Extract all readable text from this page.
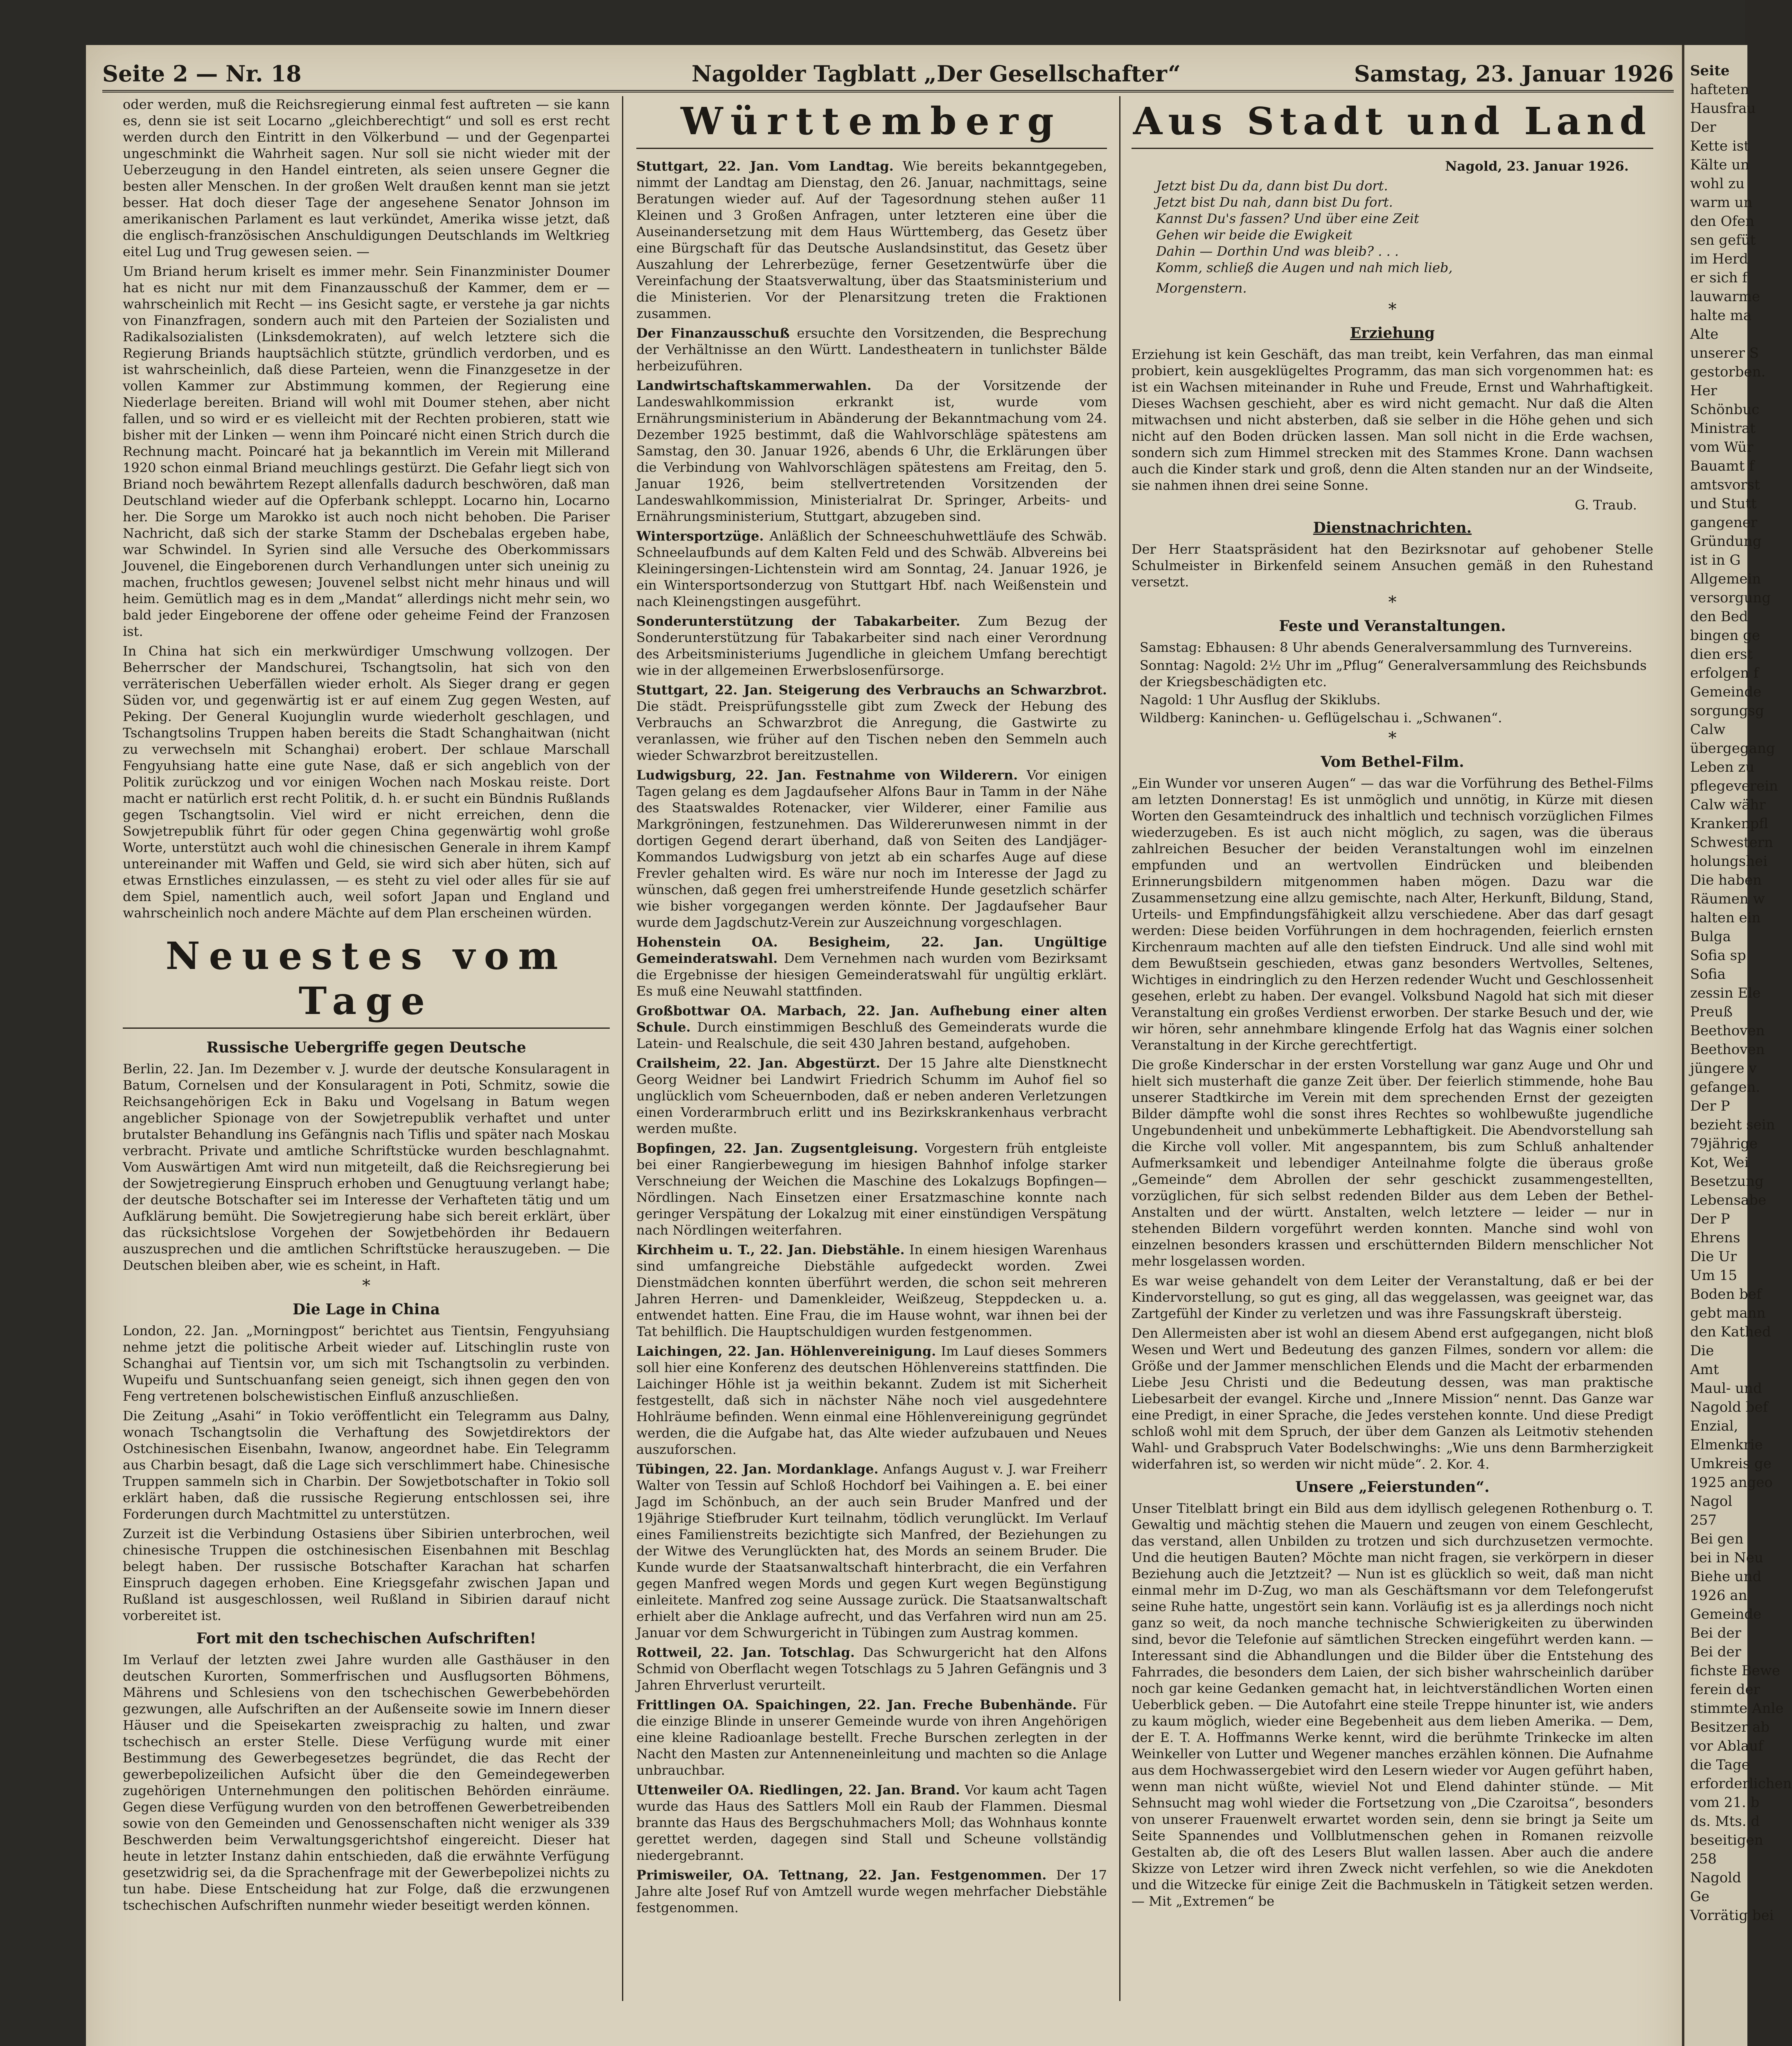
Seite
hafteten
Hausfrau
Der
Kette ist
Kälte un
wohl zu
warm un
den Ofen
sen gefüt
im Herd
er sich f
lauwarme
halte ma
Alte
unserer S
gestorben.
Her
Schönbuc
Ministrat
vom Wür
Bauamt f
amtsvorst
und Stutt
gangener
Gründung
ist in G
Allgemein
versorgung
den Bed
bingen ge
dien erst
erfolgen f
Gemeinde
sorgungsg
Calw
übergegang
Leben zu
pflegeverein
Calw währ
Krankenpfl
Schwestern
holungshei
Die haben
Räumen w
halten ein
Bulga
Sofia sp
Sofia
zessin Ele
Preuß
Beethoven
Beethoven
jüngere v
gefangen.
Der P
bezieht sein
79jährige
Kot, Wei
Besetzung
Lebensabe
Der P
Ehrens
Die Ur
Um 15
Boden bef
gebt mann
den Kathed
Die
Amt
Maul- und
Nagold bef
Enzial,
Elmenkrie
Umkreis ge
1925 angeo
Nagol
257
Bei gen
bei in Neu
Biehe und
1926 an
Gemeinde
Bei der
Bei der
fichste Bewe
ferein der
stimmte Anle
Besitzer ab
vor Ablauf
die Tage
erforderlichen
vom 21. b
ds. Mts. d
beseitigen
258
Nagold
Ge
Vorrätig bei
Seite 2 — Nr. 18	Nagolder Tagblatt „Der Gesellschafter“	Samstag, 23. Januar 1926
oder werden, muß die Reichsregierung einmal fest auftreten — sie kann es, denn sie ist seit Locarno „gleichberechtigt“ und soll es erst recht werden durch den Eintritt in den Völkerbund — und der Gegenpartei ungeschminkt die Wahrheit sagen. Nur soll sie nicht wieder mit der Ueberzeugung in den Handel eintreten, als seien unsere Gegner die besten aller Menschen. In der großen Welt draußen kennt man sie jetzt besser. Hat doch dieser Tage der angesehene Senator Johnson im amerikanischen Parlament es laut verkündet, Amerika wisse jetzt, daß die englisch-französischen Anschuldigungen Deutschlands im Weltkrieg eitel Lug und Trug gewesen seien. —
Um Briand herum kriselt es immer mehr. Sein Finanzminister Doumer hat es nicht nur mit dem Finanzausschuß der Kammer, dem er — wahrscheinlich mit Recht — ins Gesicht sagte, er verstehe ja gar nichts von Finanzfragen, sondern auch mit den Parteien der Sozialisten und Radikalsozialisten (Linksdemokraten), auf welch letztere sich die Regierung Briands hauptsächlich stützte, gründlich verdorben, und es ist wahrscheinlich, daß diese Parteien, wenn die Finanzgesetze in der vollen Kammer zur Abstimmung kommen, der Regierung eine Niederlage bereiten. Briand will wohl mit Doumer stehen, aber nicht fallen, und so wird er es vielleicht mit der Rechten probieren, statt wie bisher mit der Linken — wenn ihm Poincaré nicht einen Strich durch die Rechnung macht. Poincaré hat ja bekanntlich im Verein mit Millerand 1920 schon einmal Briand meuchlings gestürzt. Die Gefahr liegt sich von Briand noch bewährtem Rezept allenfalls dadurch beschwören, daß man Deutschland wieder auf die Opferbank schleppt. Locarno hin, Locarno her. Die Sorge um Marokko ist auch noch nicht behoben. Die Pariser Nachricht, daß sich der starke Stamm der Dschebalas ergeben habe, war Schwindel. In Syrien sind alle Versuche des Oberkommissars Jouvenel, die Eingeborenen durch Verhandlungen unter sich uneinig zu machen, fruchtlos gewesen; Jouvenel selbst nicht mehr hinaus und will heim. Gemütlich mag es in dem „Mandat“ allerdings nicht mehr sein, wo bald jeder Eingeborene der offene oder geheime Feind der Franzosen ist.
In China hat sich ein merkwürdiger Umschwung vollzogen. Der Beherrscher der Mandschurei, Tschangtsolin, hat sich von den verräterischen Ueberfällen wieder erholt. Als Sieger drang er gegen Süden vor, und gegenwärtig ist er auf einem Zug gegen Westen, auf Peking. Der General Kuojunglin wurde wiederholt geschlagen, und Tschangtsolins Truppen haben bereits die Stadt Schanghaitwan (nicht zu verwechseln mit Schanghai) erobert. Der schlaue Marschall Fengyuhsiang hatte eine gute Nase, daß er sich angeblich von der Politik zurückzog und vor einigen Wochen nach Moskau reiste. Dort macht er natürlich erst recht Politik, d. h. er sucht ein Bündnis Rußlands gegen Tschangtsolin. Viel wird er nicht erreichen, denn die Sowjetrepublik führt für oder gegen China gegenwärtig wohl große Worte, unterstützt auch wohl die chinesischen Generale in ihrem Kampf untereinander mit Waffen und Geld, sie wird sich aber hüten, sich auf etwas Ernstliches einzulassen, — es steht zu viel oder alles für sie auf dem Spiel, namentlich auch, weil sofort Japan und England und wahrscheinlich noch andere Mächte auf dem Plan erscheinen würden.
Neuestes vom Tage
Russische Uebergriffe gegen Deutsche
Berlin, 22. Jan. Im Dezember v. J. wurde der deutsche Konsularagent in Batum, Cornelsen und der Konsularagent in Poti, Schmitz, sowie die Reichsangehörigen Eck in Baku und Vogelsang in Batum wegen angeblicher Spionage von der Sowjetrepublik verhaftet und unter brutalster Behandlung ins Gefängnis nach Tiflis und später nach Moskau verbracht. Private und amtliche Schriftstücke wurden beschlagnahmt. Vom Auswärtigen Amt wird nun mitgeteilt, daß die Reichsregierung bei der Sowjetregierung Einspruch erhoben und Genugtuung verlangt habe; der deutsche Botschafter sei im Interesse der Verhafteten tätig und um Aufklärung bemüht. Die Sowjetregierung habe sich bereit erklärt, über das rücksichtslose Vorgehen der Sowjetbehörden ihr Bedauern auszusprechen und die amtlichen Schriftstücke herauszugeben. — Die Deutschen bleiben aber, wie es scheint, in Haft.
*
Die Lage in China
London, 22. Jan. „Morningpost“ berichtet aus Tientsin, Fengyuhsiang nehme jetzt die politische Arbeit wieder auf. Litschinglin ruste von Schanghai auf Tientsin vor, um sich mit Tschangtsolin zu verbinden. Wupeifu und Suntschuanfang seien geneigt, sich ihnen gegen den von Feng vertretenen bolschewistischen Einfluß anzuschließen.
Die Zeitung „Asahi“ in Tokio veröffentlicht ein Telegramm aus Dalny, wonach Tschangtsolin die Verhaftung des Sowjetdirektors der Ostchinesischen Eisenbahn, Iwanow, angeordnet habe. Ein Telegramm aus Charbin besagt, daß die Lage sich verschlimmert habe. Chinesische Truppen sammeln sich in Charbin. Der Sowjetbotschafter in Tokio soll erklärt haben, daß die russische Regierung entschlossen sei, ihre Forderungen durch Machtmittel zu unterstützen.
Zurzeit ist die Verbindung Ostasiens über Sibirien unterbrochen, weil chinesische Truppen die ostchinesischen Eisenbahnen mit Beschlag belegt haben. Der russische Botschafter Karachan hat scharfen Einspruch dagegen erhoben. Eine Kriegsgefahr zwischen Japan und Rußland ist ausgeschlossen, weil Rußland in Sibirien darauf nicht vorbereitet ist.
Fort mit den tschechischen Aufschriften!
Im Verlauf der letzten zwei Jahre wurden alle Gasthäuser in den deutschen Kurorten, Sommerfrischen und Ausflugsorten Böhmens, Mährens und Schlesiens von den tschechischen Gewerbebehörden gezwungen, alle Aufschriften an der Außenseite sowie im Innern dieser Häuser und die Speisekarten zweisprachig zu halten, und zwar tschechisch an erster Stelle. Diese Verfügung wurde mit einer Bestimmung des Gewerbegesetzes begründet, die das Recht der gewerbepolizeilichen Aufsicht über die den Gemeindegewerben zugehörigen Unternehmungen den politischen Behörden einräume. Gegen diese Verfügung wurden von den betroffenen Gewerbetreibenden sowie von den Gemeinden und Genossenschaften nicht weniger als 339 Beschwerden beim Verwaltungsgerichtshof eingereicht. Dieser hat heute in letzter Instanz dahin entschieden, daß die erwähnte Verfügung gesetzwidrig sei, da die Sprachenfrage mit der Gewerbepolizei nichts zu tun habe. Diese Entscheidung hat zur Folge, daß die erzwungenen tschechischen Aufschriften nunmehr wieder beseitigt werden können.
Württemberg
Stuttgart, 22. Jan. Vom Landtag. Wie bereits bekanntgegeben, nimmt der Landtag am Dienstag, den 26. Januar, nachmittags, seine Beratungen wieder auf. Auf der Tagesordnung stehen außer 11 Kleinen und 3 Großen Anfragen, unter letzteren eine über die Auseinandersetzung mit dem Haus Württemberg, das Gesetz über eine Bürgschaft für das Deutsche Auslandsinstitut, das Gesetz über Auszahlung der Lehrerbezüge, ferner Gesetzentwürfe über die Vereinfachung der Staatsverwaltung, über das Staatsministerium und die Ministerien. Vor der Plenarsitzung treten die Fraktionen zusammen.
Der Finanzausschuß ersuchte den Vorsitzenden, die Besprechung der Verhältnisse an den Württ. Landestheatern in tunlichster Bälde herbeizuführen.
Landwirtschaftskammerwahlen. Da der Vorsitzende der Landeswahlkommission erkrankt ist, wurde vom Ernährungsministerium in Abänderung der Bekanntmachung vom 24. Dezember 1925 bestimmt, daß die Wahlvorschläge spätestens am Samstag, den 30. Januar 1926, abends 6 Uhr, die Erklärungen über die Verbindung von Wahlvorschlägen spätestens am Freitag, den 5. Januar 1926, beim stellvertretenden Vorsitzenden der Landeswahlkommission, Ministerialrat Dr. Springer, Arbeits- und Ernährungsministerium, Stuttgart, abzugeben sind.
Wintersportzüge. Anläßlich der Schneeschuhwettläufe des Schwäb. Schneelaufbunds auf dem Kalten Feld und des Schwäb. Albvereins bei Kleiningersingen-Lichtenstein wird am Sonntag, 24. Januar 1926, je ein Wintersportsonderzug von Stuttgart Hbf. nach Weißenstein und nach Kleinengstingen ausgeführt.
Sonderunterstützung der Tabakarbeiter. Zum Bezug der Sonderunterstützung für Tabakarbeiter sind nach einer Verordnung des Arbeitsministeriums Jugendliche in gleichem Umfang berechtigt wie in der allgemeinen Erwerbslosenfürsorge.
Stuttgart, 22. Jan. Steigerung des Verbrauchs an Schwarzbrot. Die städt. Preisprüfungsstelle gibt zum Zweck der Hebung des Verbrauchs an Schwarzbrot die Anregung, die Gastwirte zu veranlassen, wie früher auf den Tischen neben den Semmeln auch wieder Schwarzbrot bereitzustellen.
Ludwigsburg, 22. Jan. Festnahme von Wilderern. Vor einigen Tagen gelang es dem Jagdaufseher Alfons Baur in Tamm in der Nähe des Staatswaldes Rotenacker, vier Wilderer, einer Familie aus Markgröningen, festzunehmen. Das Wildererunwesen nimmt in der dortigen Gegend derart überhand, daß von Seiten des Landjäger-Kommandos Ludwigsburg von jetzt ab ein scharfes Auge auf diese Frevler gehalten wird. Es wäre nur noch im Interesse der Jagd zu wünschen, daß gegen frei umherstreifende Hunde gesetzlich schärfer wie bisher vorgegangen werden könnte. Der Jagdaufseher Baur wurde dem Jagdschutz-Verein zur Auszeichnung vorgeschlagen.
Hohenstein OA. Besigheim, 22. Jan. Ungültige Gemeinderatswahl. Dem Vernehmen nach wurden vom Bezirksamt die Ergebnisse der hiesigen Gemeinderatswahl für ungültig erklärt. Es muß eine Neuwahl stattfinden.
Großbottwar OA. Marbach, 22. Jan. Aufhebung einer alten Schule. Durch einstimmigen Beschluß des Gemeinderats wurde die Latein- und Realschule, die seit 430 Jahren bestand, aufgehoben.
Crailsheim, 22. Jan. Abgestürzt. Der 15 Jahre alte Dienstknecht Georg Weidner bei Landwirt Friedrich Schumm im Auhof fiel so unglücklich vom Scheuernboden, daß er neben anderen Verletzungen einen Vorderarmbruch erlitt und ins Bezirkskrankenhaus verbracht werden mußte.
Bopfingen, 22. Jan. Zugsentgleisung. Vorgestern früh entgleiste bei einer Rangierbewegung im hiesigen Bahnhof infolge starker Verschneiung der Weichen die Maschine des Lokalzugs Bopfingen—Nördlingen. Nach Einsetzen einer Ersatzmaschine konnte nach geringer Verspätung der Lokalzug mit einer einstündigen Verspätung nach Nördlingen weiterfahren.
Kirchheim u. T., 22. Jan. Diebstähle. In einem hiesigen Warenhaus sind umfangreiche Diebstähle aufgedeckt worden. Zwei Dienstmädchen konnten überführt werden, die schon seit mehreren Jahren Herren- und Damenkleider, Weißzeug, Steppdecken u. a. entwendet hatten. Eine Frau, die im Hause wohnt, war ihnen bei der Tat behilflich. Die Hauptschuldigen wurden festgenommen.
Laichingen, 22. Jan. Höhlenvereinigung. Im Lauf dieses Sommers soll hier eine Konferenz des deutschen Höhlenvereins stattfinden. Die Laichinger Höhle ist ja weithin bekannt. Zudem ist mit Sicherheit festgestellt, daß sich in nächster Nähe noch viel ausgedehntere Hohlräume befinden. Wenn einmal eine Höhlenvereinigung gegründet werden, die die Aufgabe hat, das Alte wieder aufzubauen und Neues auszuforschen.
Tübingen, 22. Jan. Mordanklage. Anfangs August v. J. war Freiherr Walter von Tessin auf Schloß Hochdorf bei Vaihingen a. E. bei einer Jagd im Schönbuch, an der auch sein Bruder Manfred und der 19jährige Stiefbruder Kurt teilnahm, tödlich verunglückt. Im Verlauf eines Familienstreits bezichtigte sich Manfred, der Beziehungen zu der Witwe des Verunglückten hat, des Mords an seinem Bruder. Die Kunde wurde der Staatsanwaltschaft hinterbracht, die ein Verfahren gegen Manfred wegen Mords und gegen Kurt wegen Begünstigung einleitete. Manfred zog seine Aussage zurück. Die Staatsanwaltschaft erhielt aber die Anklage aufrecht, und das Verfahren wird nun am 25. Januar vor dem Schwurgericht in Tübingen zum Austrag kommen.
Rottweil, 22. Jan. Totschlag. Das Schwurgericht hat den Alfons Schmid von Oberflacht wegen Totschlags zu 5 Jahren Gefängnis und 3 Jahren Ehrverlust verurteilt.
Frittlingen OA. Spaichingen, 22. Jan. Freche Bubenhände. Für die einzige Blinde in unserer Gemeinde wurde von ihren Angehörigen eine kleine Radioanlage bestellt. Freche Burschen zerlegten in der Nacht den Masten zur Antenneneinleitung und machten so die Anlage unbrauchbar.
Uttenweiler OA. Riedlingen, 22. Jan. Brand. Vor kaum acht Tagen wurde das Haus des Sattlers Moll ein Raub der Flammen. Diesmal brannte das Haus des Bergschuhmachers Moll; das Wohnhaus konnte gerettet werden, dagegen sind Stall und Scheune vollständig niedergebrannt.
Primisweiler, OA. Tettnang, 22. Jan. Festgenommen. Der 17 Jahre alte Josef Ruf von Amtzell wurde wegen mehrfacher Diebstähle festgenommen.
Aus Stadt und Land
Nagold, 23. Januar 1926.
Jetzt bist Du da, dann bist Du dort.
Jetzt bist Du nah, dann bist Du fort.
Kannst Du's fassen? Und über eine Zeit
Gehen wir beide die Ewigkeit
Dahin — Dorthin Und was bleib? . . .
Komm, schließ die Augen und nah mich lieb,
Morgenstern.
*
Erziehung
Erziehung ist kein Geschäft, das man treibt, kein Verfahren, das man einmal probiert, kein ausgeklügeltes Programm, das man sich vorgenommen hat: es ist ein Wachsen miteinander in Ruhe und Freude, Ernst und Wahrhaftigkeit. Dieses Wachsen geschieht, aber es wird nicht gemacht. Nur daß die Alten mitwachsen und nicht absterben, daß sie selber in die Höhe gehen und sich nicht auf den Boden drücken lassen. Man soll nicht in die Erde wachsen, sondern sich zum Himmel strecken mit des Stammes Krone. Dann wachsen auch die Kinder stark und groß, denn die Alten standen nur an der Windseite, sie nahmen ihnen drei seine Sonne.
G. Traub.
Dienstnachrichten.
Der Herr Staatspräsident hat den Bezirksnotar auf gehobener Stelle Schulmeister in Birkenfeld seinem Ansuchen gemäß in den Ruhestand versetzt.
*
Feste und Veranstaltungen.
Samstag: Ebhausen: 8 Uhr abends Generalversammlung des Turnvereins.
Sonntag: Nagold: 2½ Uhr im „Pflug“ Generalversammlung des Reichsbunds der Kriegsbeschädigten etc.
Nagold: 1 Uhr Ausflug der Skiklubs.
Wildberg: Kaninchen- u. Geflügelschau i. „Schwanen“.
*
Vom Bethel-Film.
„Ein Wunder vor unseren Augen“ — das war die Vorführung des Bethel-Films am letzten Donnerstag! Es ist unmöglich und unnötig, in Kürze mit diesen Worten den Gesamteindruck des inhaltlich und technisch vorzüglichen Filmes wiederzugeben. Es ist auch nicht möglich, zu sagen, was die überaus zahlreichen Besucher der beiden Veranstaltungen wohl im einzelnen empfunden und an wertvollen Eindrücken und bleibenden Erinnerungsbildern mitgenommen haben mögen. Dazu war die Zusammensetzung eine allzu gemischte, nach Alter, Herkunft, Bildung, Stand, Urteils- und Empfindungsfähigkeit allzu verschiedene. Aber das darf gesagt werden: Diese beiden Vorführungen in dem hochragenden, feierlich ernsten Kirchenraum machten auf alle den tiefsten Eindruck. Und alle sind wohl mit dem Bewußtsein geschieden, etwas ganz besonders Wertvolles, Seltenes, Wichtiges in eindringlich zu den Herzen redender Wucht und Geschlossenheit gesehen, erlebt zu haben. Der evangel. Volksbund Nagold hat sich mit dieser Veranstaltung ein großes Verdienst erworben. Der starke Besuch und der, wie wir hören, sehr annehmbare klingende Erfolg hat das Wagnis einer solchen Veranstaltung in der Kirche gerechtfertigt.
Die große Kinderschar in der ersten Vorstellung war ganz Auge und Ohr und hielt sich musterhaft die ganze Zeit über. Der feierlich stimmende, hohe Bau unserer Stadtkirche im Verein mit dem sprechenden Ernst der gezeigten Bilder dämpfte wohl die sonst ihres Rechtes so wohlbewußte jugendliche Ungebundenheit und unbekümmerte Lebhaftigkeit. Die Abendvorstellung sah die Kirche voll voller. Mit angespanntem, bis zum Schluß anhaltender Aufmerksamkeit und lebendiger Anteilnahme folgte die überaus große „Gemeinde“ dem Abrollen der sehr geschickt zusammengestellten, vorzüglichen, für sich selbst redenden Bilder aus dem Leben der Bethel-Anstalten und der württ. Anstalten, welch letztere — leider — nur in stehenden Bildern vorgeführt werden konnten. Manche sind wohl von einzelnen besonders krassen und erschütternden Bildern menschlicher Not mehr losgelassen worden.
Es war weise gehandelt von dem Leiter der Veranstaltung, daß er bei der Kindervorstellung, so gut es ging, all das weggelassen, was geeignet war, das Zartgefühl der Kinder zu verletzen und was ihre Fassungskraft übersteig.
Den Allermeisten aber ist wohl an diesem Abend erst aufgegangen, nicht bloß Wesen und Wert und Bedeutung des ganzen Filmes, sondern vor allem: die Größe und der Jammer menschlichen Elends und die Macht der erbarmenden Liebe Jesu Christi und die Bedeutung dessen, was man praktische Liebesarbeit der evangel. Kirche und „Innere Mission“ nennt. Das Ganze war eine Predigt, in einer Sprache, die Jedes verstehen konnte. Und diese Predigt schloß wohl mit dem Spruch, der über dem Ganzen als Leitmotiv stehenden Wahl- und Grabspruch Vater Bodelschwinghs: „Wie uns denn Barmherzigkeit widerfahren ist, so werden wir nicht müde“. 2. Kor. 4.
Unsere „Feierstunden“.
Unser Titelblatt bringt ein Bild aus dem idyllisch gelegenen Rothenburg o. T. Gewaltig und mächtig stehen die Mauern und zeugen von einem Geschlecht, das verstand, allen Unbilden zu trotzen und sich durchzusetzen vermochte. Und die heutigen Bauten? Möchte man nicht fragen, sie verkörpern in dieser Beziehung auch die Jetztzeit? — Nun ist es glücklich so weit, daß man nicht einmal mehr im D-Zug, wo man als Geschäftsmann vor dem Telefongerufst seine Ruhe hatte, ungestört sein kann. Vorläufig ist es ja allerdings noch nicht ganz so weit, da noch manche technische Schwierigkeiten zu überwinden sind, bevor die Telefonie auf sämtlichen Strecken eingeführt werden kann. — Interessant sind die Abhandlungen und die Bilder über die Entstehung des Fahrrades, die besonders dem Laien, der sich bisher wahrscheinlich darüber noch gar keine Gedanken gemacht hat, in leichtverständlichen Worten einen Ueberblick geben. — Die Autofahrt eine steile Treppe hinunter ist, wie anders zu kaum möglich, wieder eine Begebenheit aus dem lieben Amerika. — Dem, der E. T. A. Hoffmanns Werke kennt, wird die berühmte Trinkecke im alten Weinkeller von Lutter und Wegener manches erzählen können. Die Aufnahme aus dem Hochwassergebiet wird den Lesern wieder vor Augen geführt haben, wenn man nicht wüßte, wieviel Not und Elend dahinter stünde. — Mit Sehnsucht mag wohl wieder die Fortsetzung von „Die Czaroitsa“, besonders von unserer Frauenwelt erwartet worden sein, denn sie bringt ja Seite um Seite Spannendes und Vollblutmenschen gehen in Romanen reizvolle Gestalten ab, die oft des Lesers Blut wallen lassen. Aber auch die andere Skizze von Letzer wird ihren Zweck nicht verfehlen, so wie die Anekdoten und die Witzecke für einige Zeit die Bachmuskeln in Tätigkeit setzen werden. — Mit „Extremen“ be
